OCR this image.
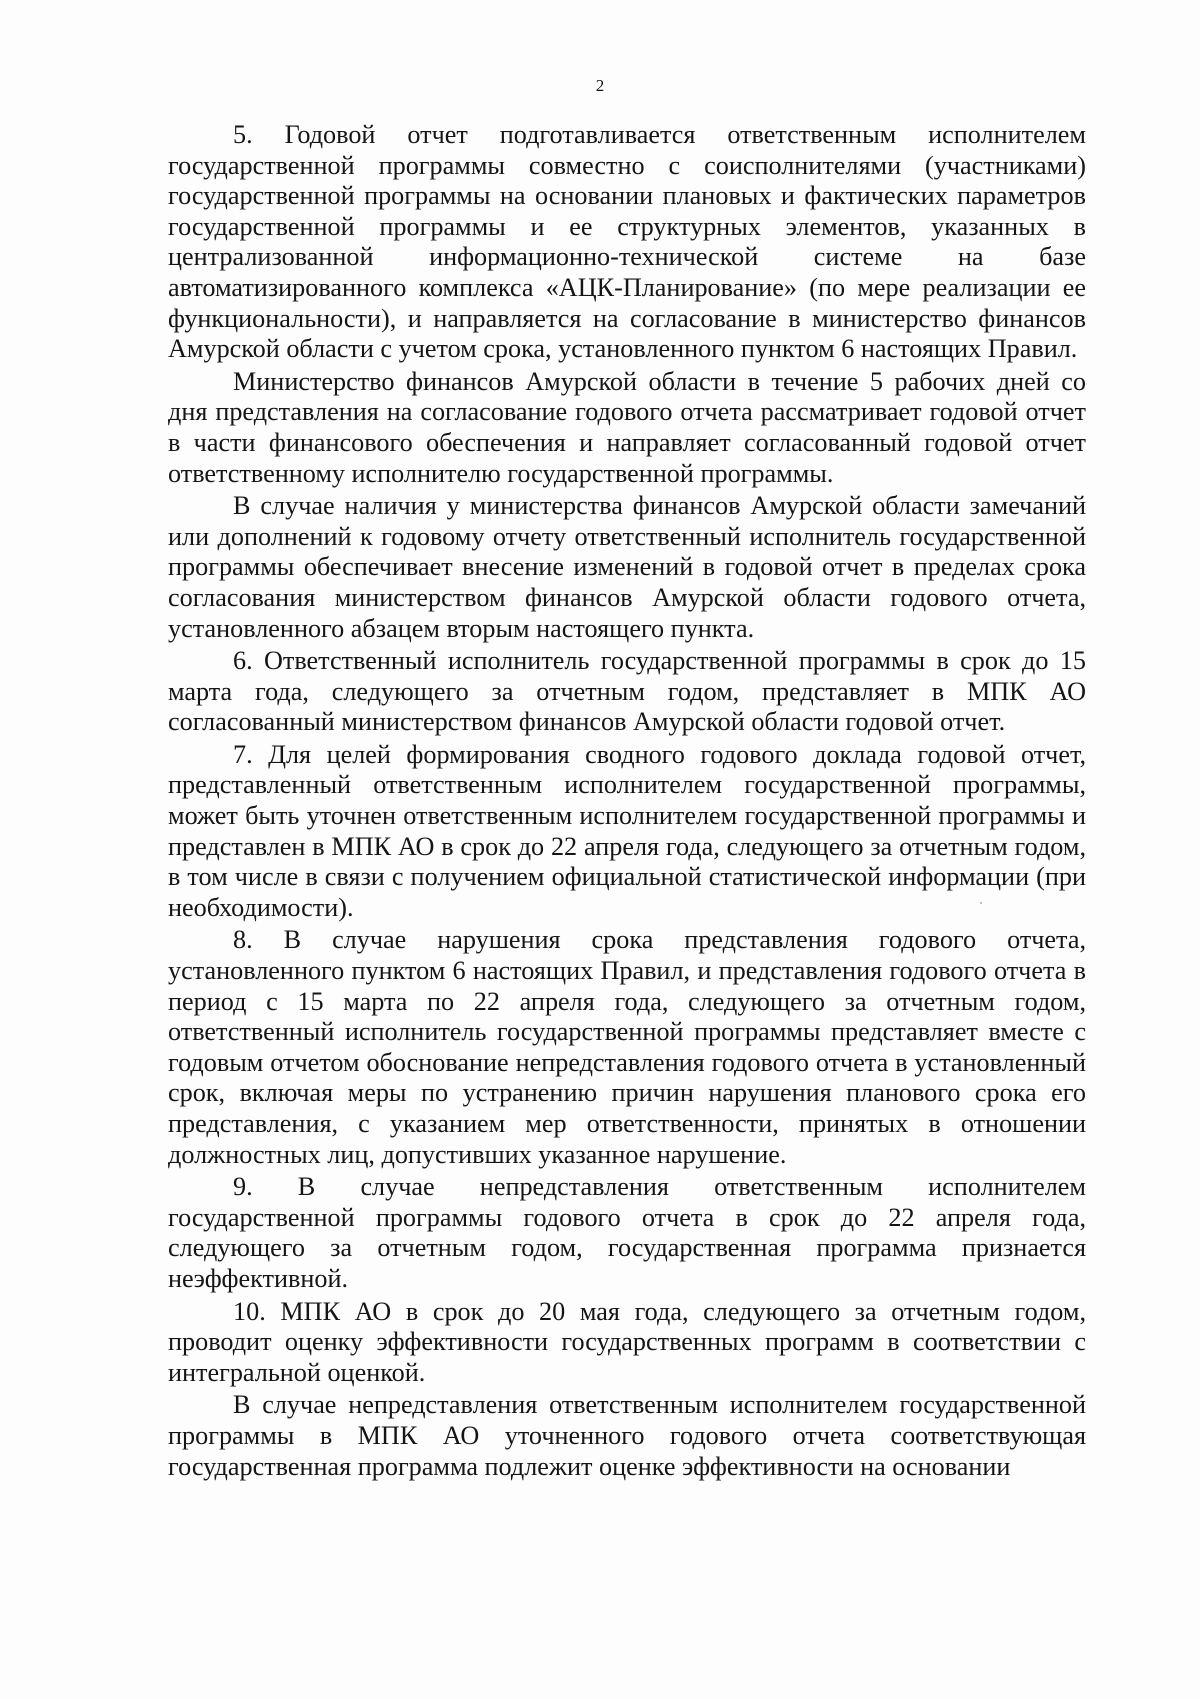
2

5. Годовой отчет подготавливается ответственным исполнителем государственной программы совместно с соисполнителями (участниками) государственной программы на основании плановых и фактических параметров государственной программы и ее структурных элементов, указанных в централизованной информационно-технической системе на базе автоматизированного комплекса «АЦК-Планирование» (по мере реализации ее функциональности), и направляется на согласование в министерство финансов Амурской области с учетом срока, установленного пунктом 6 настоящих Правил.

Министерство финансов Амурской области в течение 5 рабочих дней со дня представления на согласование годового отчета рассматривает годовой отчет в части финансового обеспечения и направляет согласованный годовой отчет ответственному исполнителю государственной программы.

В случае наличия у министерства финансов Амурской области замечаний или дополнений к годовому отчету ответственный исполнитель государственной программы обеспечивает внесение изменений в годовой отчет в пределах срока согласования министерством финансов Амурской области годового отчета, установленного абзацем вторым настоящего пункта.

6. Ответственный исполнитель государственной программы в срок до 15 марта года, следующего за отчетным годом, представляет в МПК АО согласованный министерством финансов Амурской области годовой отчет.

7. Для целей формирования сводного годового доклада годовой отчет, представленный ответственным исполнителем государственной программы, может быть уточнен ответственным исполнителем государственной программы и представлен в МПК АО в срок до 22 апреля года, следующего за отчетным годом, в том числе в связи с получением официальной статистической информации (при необходимости).

8. В случае нарушения срока представления годового отчета, установленного пунктом 6 настоящих Правил, и представления годового отчета в период с 15 марта по 22 апреля года, следующего за отчетным годом, ответственный исполнитель государственной программы представляет вместе с годовым отчетом обоснование непредставления годового отчета в установленный срок, включая меры по устранению причин нарушения планового срока его представления, с указанием мер ответственности, принятых в отношении должностных лиц, допустивших указанное нарушение.

9. В случае непредставления ответственным исполнителем государственной программы годового отчета в срок до 22 апреля года, следующего за отчетным годом, государственная программа признается неэффективной.

10. МПК АО в срок до 20 мая года, следующего за отчетным годом, проводит оценку эффективности государственных программ в соответствии с интегральной оценкой.

В случае непредставления ответственным исполнителем государственной программы в МПК АО уточненного годового отчета соответствующая государственная программа подлежит оценке эффективности на основании
